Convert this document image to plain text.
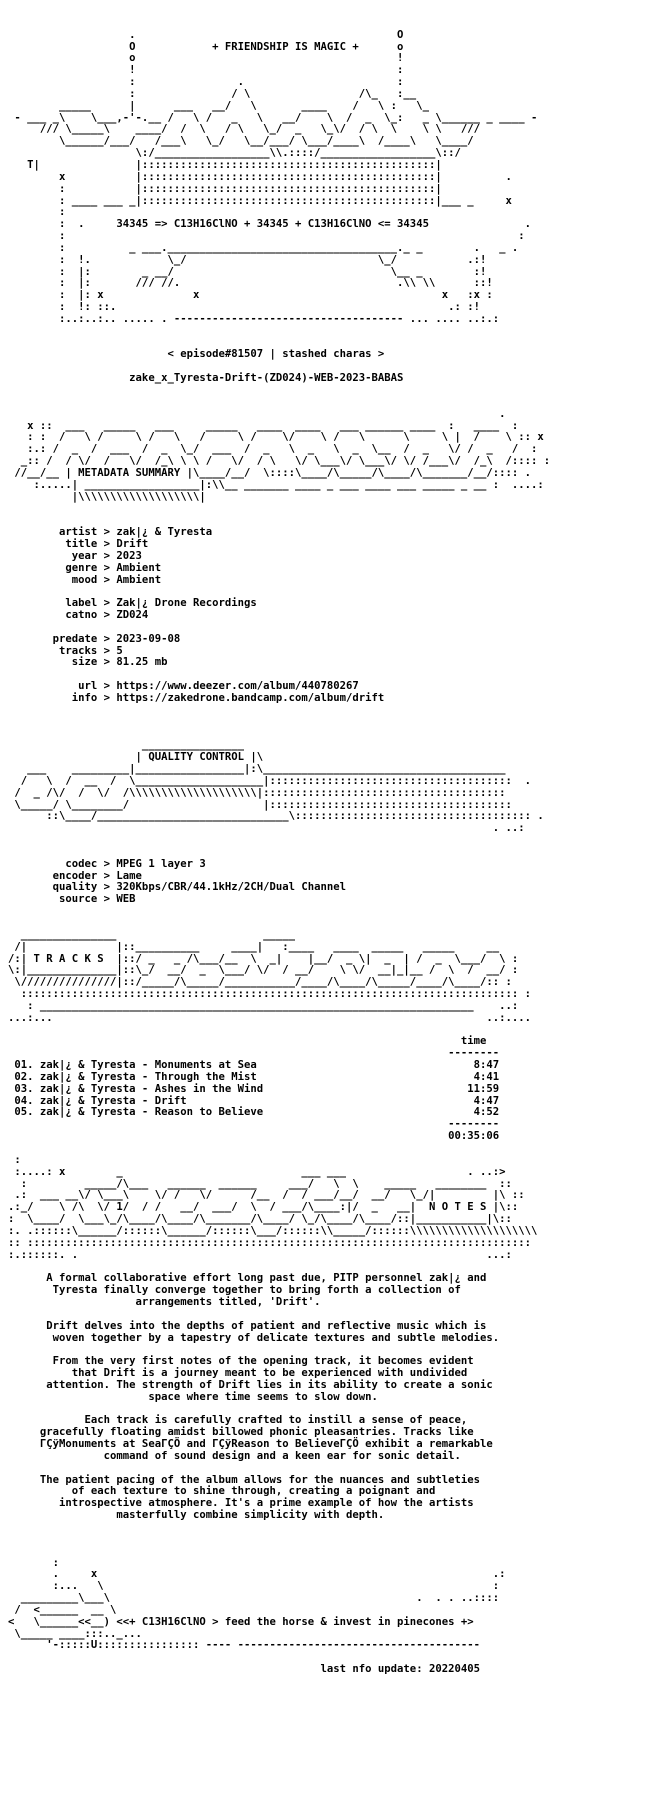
.                                         O
O            + FRIENDSHIP IS MAGIC +      o
o                                         !
!                                         :
:                .                        :
:               / \                 /\_   :__
_____      |      ___   __/   \       ____    /   \ :   \_
- ___ _\    \___,-'-.__ /   \ /   _   \   __/    \  /  _  \_:   _ \______ _ ____ -
/// \_____\    ____/  /  \   / \   \_/  _   \_\/  / \  \    \ \   ///
\______/___/   /___\   \_/   \__/___/ \___/____\  /____\   \____/
\:/__________________\\.::::/__________________\::/
T|               |::::::::::::::::::::::::::::::::::::::::::::::|
x           |::::::::::::::::::::::::::::::::::::::::::::::|          .
:           |::::::::::::::::::::::::::::::::::::::::::::::|
: ____ ___ _|::::::::::::::::::::::::::::::::::::::::::::::|___ _     x
:
:  .     34345 => C13H16ClNO + 34345 + C13H16ClNO <= 34345               .
:                                                                       :
:          _ ___.____________________________________._ _        .   _ .
:  !.            \_/                              \_/           .:!
:  |:        _ __/                                  \__ _        :!
:  |:       /// //.                                  .\\ \\      ::!
:  |: x              x                                      x   :x :
:  !: ::.                                                    .: :!
:..:..:.. ..... . ------------------------------------ ... .... ..:.:

< episode#81507 | stashed charas >

zake_x_Tyresta-Drift-(ZD024)-WEB-2023-BABAS

.
x ::  ___   _____   ___     _____   ____  ____   ___ ______ ____  :   ____  :
: :  /   \ /     \ /   \   /     \ /    \/    \ /   \      \     \ |  /    \ :: x
:.: /  _  /  ___  /  _  \_/  ___  /  _   \  _   \  _  \__  /  _   \/ /  _   /  :
_:: /  / \/  /   \/  /_\ \ \ /   \/  / \   \/ \___\/ \___\/ \/ /___\/  /_\  /:::: :
//__/__ | METADATA SUMMARY |\____/__/  \::::\____/\_____/\____/\_______/__/:::: .
:.....| __________________|:\\__ _______ ____ _ ___ ____ ___ _____ _ __ :  ....:
|\\\\\\\\\\\\\\\\\\\|

artist > zak|¿ & Tyresta
title > Drift
year > 2023
genre > Ambient
mood > Ambient

label > Zak|¿ Drone Recordings
catno > ZD024

predate > 2023-09-08
tracks > 5
size > 81.25 mb

url > https://www.deezer.com/album/440780267
info > https://zakedrone.bandcamp.com/album/drift

________________
| QUALITY CONTROL |\
___    _________|_________________|:\______________________________________
/   \  /  __  /  \____________________|::::::::::::::::::::::::::::::::::::::  .
/  _ /\/  /  \/  /\\\\\\\\\\\\\\\\\\\\|::::::::::::::::::::::::::::::::::::::
\_____/ \________/                     |::::::::::::::::::::::::::::::::::::::
::\____/______________________________\::::::::::::::::::::::::::::::::::::: .
. ..:

codec > MPEG 1 layer 3
encoder > Lame
quality > 320Kbps/CBR/44.1kHz/2CH/Dual Channel
source > WEB

_______________                       _____
/|              |::__________     ____|   :____   ____  _____   _____     __
/:| T R A C K S  |::/ _   _ /\___/__  \  _|    |__/  _ \|  _  | /  _  \___/  \ :
\:|______________|::\_/  __/  _  \___/ \/  / __/    \ \/  __|_|__ /  \  /  __/ :
\///////////////|::/_____/\_____/___________/____/\____/\_____/____/\____/:: :
:::::::::::::::::::::::::::::::::::::::::::::::::::::::::::::::::::::::::::::: :
: ____________________________________________________________________    ..:
...:...                                                                    ..:....

time
--------
01. zak|¿ & Tyresta - Monuments at Sea                                  8:47
02. zak|¿ & Tyresta - Through the Mist                                  4:41
03. zak|¿ & Tyresta - Ashes in the Wind                                11:59
04. zak|¿ & Tyresta - Drift                                             4:47
05. zak|¿ & Tyresta - Reason to Believe                                 4:52
--------
00:35:06

:
:....: x        _                            ___ ___                   . ..:>
:         _____/\___   ______  ______     ___/   \  \    _____   ________  ::
.:  ___ __\/ \___\    \/ /   \/      /__  /  / ___/__/  __/   \_/|         |\ ::
.:_/    \ /\  \/ 1/  / /   __/  ___/  \  / ___/\____:|/  _   __|  N O T E S |\::
:  \____/  \___\_/\____/\____/\_______/\____/ \_/\____/\____/::|___________|\::
:. .::::::\______/::::::\______/::::::\___/::::::\\_____/::::::\\\\\\\\\\\\\\\\\\\\
:: :::::::::::::::::::::::::::::::::::::::::::::::::::::::::::::::::::::::::::::::
:.::::::. .                                                                ...:

A formal collaborative effort long past due, PITP personnel zak|¿ and
Tyresta finally converge together to bring forth a collection of
arrangements titled, 'Drift'.

Drift delves into the depths of patient and reflective music which is
woven together by a tapestry of delicate textures and subtle melodies.

From the very first notes of the opening track, it becomes evident
that Drift is a journey meant to be experienced with undivided
attention. The strength of Drift lies in its ability to create a sonic
space where time seems to slow down.

Each track is carefully crafted to instill a sense of peace,
gracefully floating amidst billowed phonic pleasantries. Tracks like
ΓÇÿMonuments at SeaΓÇÖ and ΓÇÿReason to BelieveΓÇÖ exhibit a remarkable
command of sound design and a keen ear for sonic detail.

The patient pacing of the album allows for the nuances and subtleties
of each texture to shine through, creating a poignant and
introspective atmosphere. It's a prime example of how the artists
masterfully combine simplicity with depth.

:
.     x                                                              .:
:...   \                                                             :
_________\___\                                                .  . . ..::::
/  <______  __ \
<   \______<<__) <<+ C13H16ClNO > feed the horse & invest in pinecones +>
\_____ ____:::.._...
'-:::::U:::::::::::::::: ---- --------------------------------------

last nfo update: 20220405
